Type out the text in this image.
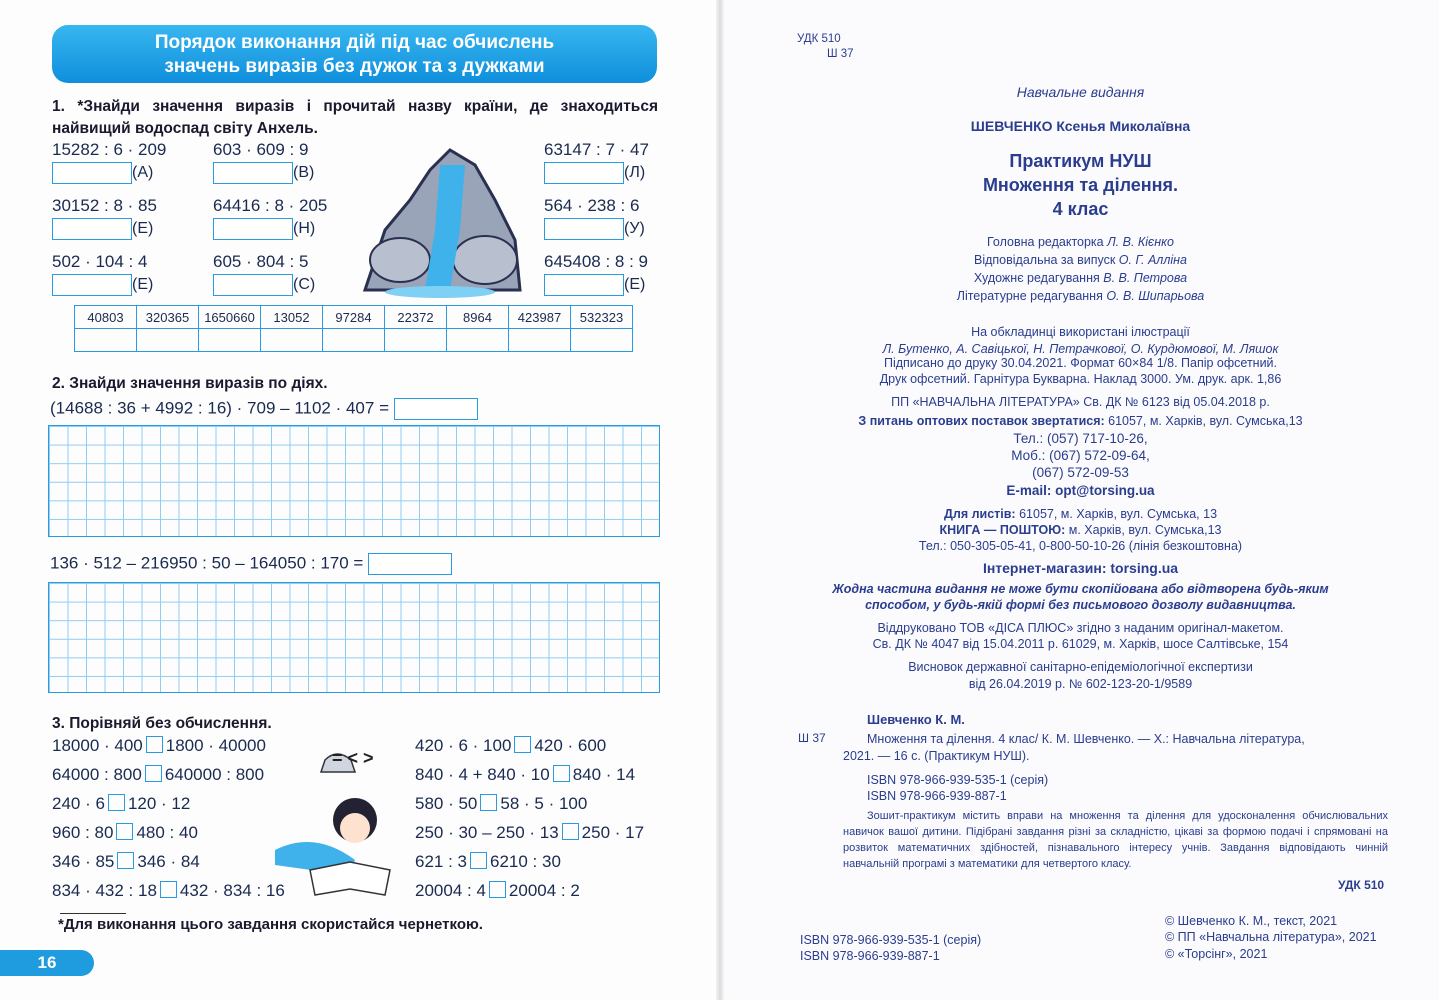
Порядок виконання дій під час обчислень
значень виразів без дужок та з дужками
1. *Знайди значення виразів і прочитай назву країни, де знаходиться найвищий водоспад світу Анхель.
15282 : 6 · 209
(А)
603 · 609 : 9
(В)
63147 : 7 · 47
(Л)
30152 : 8 · 85
(Е)
64416 : 8 · 205
(Н)
564 · 238 : 6
(У)
502 · 104 : 4
(Е)
605 · 804 : 5
(С)
645408 : 8 : 9
(Е)
40803	320365	1650660	13052	97284	22372	8964	423987	532323

2. Знайди значення виразів по діях.
(14688 : 36 + 4992 : 16) · 709 – 1102 · 407 =
136 · 512 – 216950 : 50 – 164050 : 170 =
3. Порівняй без обчислення.
18000 · 400 1800 · 40000
64000 : 800 640000 : 800
240 · 6 120 · 12
960 : 80 480 : 40
346 · 85 346 · 84
834 · 432 : 18 432 · 834 : 16
420 · 6 · 100 420 · 600
840 · 4 + 840 · 10 840 · 14
580 · 50 58 · 5 · 100
250 · 30 – 250 · 13 250 · 17
621 : 3 6210 : 30
20004 : 4 20004 : 2
= < >
*Для виконання цього завдання скористайся чернеткою.
16
УДК 510
Ш 37
Навчальне видання
ШЕВЧЕНКО Ксенья Миколаївна
Практикум НУШ
Множення та ділення.
4 клас
Головна редакторка Л. В. Кієнко
Відповідальна за випуск О. Г. Алліна
Художнє редагування В. В. Петрова
Літературне редагування О. В. Шипарьова
На обкладинці використані ілюстрації
Л. Бутенко, А. Савіцької, Н. Петрачкової, О. Курдюмової, М. Ляшок
Підписано до друку 30.04.2021. Формат 60×84 1/8. Папір офсетний.
Друк офсетний. Гарнітура Букварна. Наклад 3000. Ум. друк. арк. 1,86
ПП «НАВЧАЛЬНА ЛІТЕРАТУРА» Св. ДК № 6123 від 05.04.2018 р.
З питань оптових поставок звертатися: 61057, м. Харків, вул. Сумська,13
Тел.: (057) 717-10-26,
Моб.: (067) 572-09-64,
(067) 572-09-53
E-mail: opt@torsing.ua
Для листів: 61057, м. Харків, вул. Сумська, 13
КНИГА — ПОШТОЮ: м. Харків, вул. Сумська,13
Тел.: 050-305-05-41, 0-800-50-10-26 (лінія безкоштовна)
Інтернет-магазин: torsing.ua
Жодна частина видання не може бути скопійована або відтворена будь-яким
способом, у будь-якій формі без письмового дозволу видавництва.
Віддруковано ТОВ «ДІСА ПЛЮС» згідно з наданим оригінал-макетом.
Св. ДК № 4047 від 15.04.2011 р. 61029, м. Харків, шосе Салтівське, 154
Висновок державної санітарно-епідеміологічної експертизи
від 26.04.2019 р. № 602-123-20-1/9589
Шевченко К. М.
Ш 37	Множення та ділення. 4 клас/ К. М. Шевченко. — Х.: Навчальна література,
2021. — 16 с. (Практикум НУШ).
ISBN 978-966-939-535-1 (серія)
ISBN 978-966-939-887-1
Зошит-практикум містить вправи на множення та ділення для удосконалення обчислювальних навичок вашої дитини. Підібрані завдання різні за складністю, цікаві за формою подачі і спрямовані на розвиток математичних здібностей, пізнавального інтересу учнів. Завдання відповідають чинній навчальній програмі з математики для четвертого класу.
УДК 510
ISBN 978-966-939-535-1 (серія)
ISBN 978-966-939-887-1
© Шевченко К. М., текст, 2021
© ПП «Навчальна література», 2021
© «Торсінг», 2021
